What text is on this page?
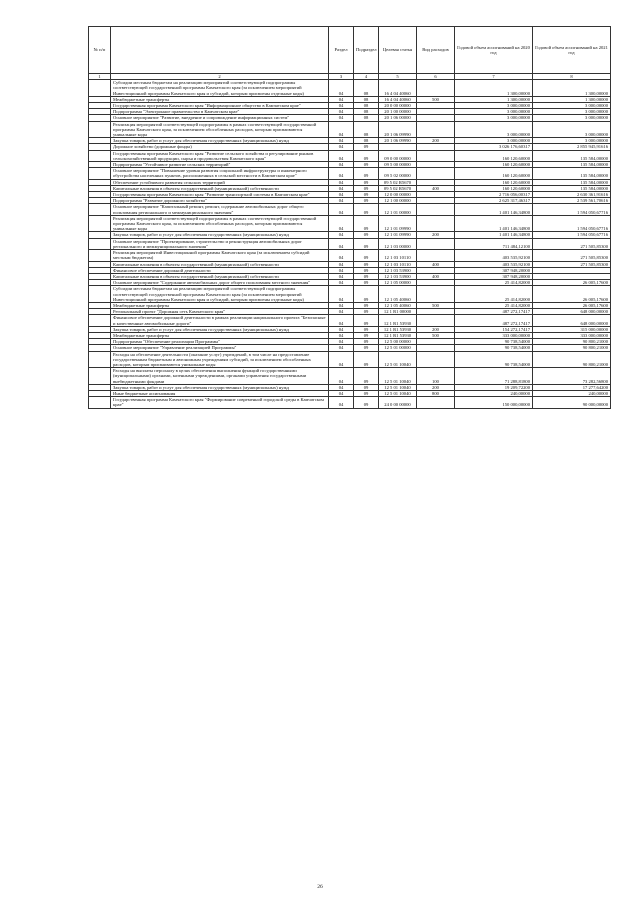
№ п/п		Раздел	Подраздел	Целевая статья	Вид расходов	Годовой объем ассигнований на 2020 год	Годовой объем ассигнований на 2021 год
1	2	3	4	5	6	7	8
	Субсидии местным бюджетам на реализацию мероприятий соответствующей подпрограммы соответствующей государственной программы Камчатского края (за исключением мероприятий Инвестиционной программы Камчатского края и субсидий, которым присвоены отдельные коды)	04	08	16 4 04 40060		1 300,00000	1 300,00000
	Межбюджетные трансферты	04	08	16 4 04 40060	500	1 300,00000	1 300,00000
	Государственная программа Камчатского края "Информационное общество в Камчатском крае"	04	08	20 0 00 00000		3 000,00000	3 000,00000
	Подпрограмма "Электронное правительство в Камчатском крае"	04	08	20 1 00 00000		3 000,00000	3 000,00000
	Основное мероприятие "Развитие, внедрение и сопровождение информационных систем"	04	08	20 1 06 00000		3 000,00000	3 000,00000
	Реализация мероприятий соответствующей подпрограммы в рамках соответствующей государственной программы Камчатского края, за исключением обособленных расходов, которым присваиваются уникальные коды	04	08	20 1 06 09990		3 000,00000	3 000,00000
	Закупка товаров, работ и услуг для обеспечения государственных (муниципальных) нужд	04	08	20 1 06 09990	200	3 000,00000	3 000,00000
	Дорожное хозяйство (дорожные фонды)	04	09			3 026 176,60317	2 855 945,91616
	Государственная программа Камчатского края "Развитие сельского хозяйства и регулирование рынков сельскохозяйственной продукции, сырья и продовольствия Камчатского края"	04	09	09 0 00 00000		160 120,60000	135 584,00000
	Подпрограмма "Устойчивое развитие сельских территорий"	04	09	09 5 00 00000		160 120,60000	135 584,00000
	Основное мероприятие "Повышение уровня развития социальной инфраструктуры и инженерного обустройства населенных пунктов, расположенных в сельской местности в Камчатском крае"	04	09	09 5 02 00000		160 120,60000	135 584,00000
	Обеспечение устойчивого развития сельских территорий	04	09	09 5 02 R5670		160 120,60000	135 584,00000
	Капитальные вложения в объекты государственной (муниципальной) собственности	04	09	09 5 02 R5670	400	160 120,60000	135 584,00000
	Государственная программа Камчатского края "Развитие транспортной системы в Камчатском крае"	04	09	12 0 00 00000		2 716 056,00317	2 630 361,91616
	Подпрограмма "Развитие дорожного хозяйства"	04	09	12 1 00 00000		2 625 317,46317	2 539 561,70616
	Основное мероприятие "Капитальный ремонт, ремонт, содержание автомобильных дорог общего пользования регионального и межмуниципального значения"	04	09	12 1 01 00000		1 401 146,34800	1 594 050,67716
	Реализация мероприятий соответствующей подпрограммы в рамках соответствующей государственной программы Камчатского края, за исключением обособленных расходов, которым присваиваются уникальные коды	04	09	12 1 01 09990		1 401 146,34800	1 594 050,67716
	Закупка товаров, работ и услуг для обеспечения государственных (муниципальных) нужд	04	09	12 1 01 09990	200	1 401 146,34800	1 594 050,67716
	Основное мероприятие "Проектирование, строительство и реконструкция автомобильных дорог регионального и межмуниципального значения"	04	09	12 1 03 00000		711 484,12100	271 505,85300
	Реализация мероприятий Инвестиционной программы Камчатского края (за исключением субсидий местным бюджетам)	04	09	12 1 03 10110		403 535,92100	271 505,85300
	Капитальные вложения в объекты государственной (муниципальной) собственности	04	09	12 1 03 10110	400	403 535,92100	271 505,85300
	Финансовое обеспечение дорожной деятельности	04	09	12 1 03 53900		307 948,20000	
	Капитальные вложения в объекты государственной (муниципальной) собственности	04	09	12 1 03 53900	400	307 948,20000	
	Основное мероприятие "Содержание автомобильных дорог общего пользования местного значения"	04	09	12 1 05 00000		25 414,82000	26 005,17600
	Субсидии местным бюджетам на реализацию мероприятий соответствующей подпрограммы соответствующей государственной программы Камчатского края (за исключением мероприятий Инвестиционной программы Камчатского края и субсидий, которым присвоены отдельные коды)	04	09	12 1 05 40060		25 414,82000	26 005,17600
	Межбюджетные трансферты	04	09	12 1 05 40060	500	25 414,82000	26 005,17600
	Региональный проект "Дорожная сеть Камчатского края"	04	09	12 1 R1 00000		487 272,17417	648 000,00000
	Финансовое обеспечение дорожной деятельности в рамках реализации национального проекта "Безопасные и качественные автомобильные дороги"	04	09	12 1 R1 53930		487 272,17417	648 000,00000
	Закупка товаров, работ и услуг для обеспечения государственных (муниципальных) нужд	04	09	12 1 R1 53930	200	154 272,17417	315 000,00000
	Межбюджетные трансферты	04	09	12 1 R1 53930	500	333 000,00000	333 000,00000
	Подпрограмма "Обеспечение реализации Программы"	04	09	12 5 00 00000		90 738,54000	90 800,21000
	Основное мероприятие "Управление реализацией Программы"	04	09	12 5 01 00000		90 738,54000	90 800,21000
	Расходы на обеспечение деятельности (оказание услуг) учреждений, в том числе на предоставление государственным бюджетным и автономным учреждениям субсидий, за исключением обособленных расходов, которым присваиваются уникальные коды	04	09	12 5 01 10040		90 738,54000	90 800,21000
	Расходы на выплаты персоналу в целях обеспечения выполнения функций государственными (муниципальными) органами, казенными учреждениями, органами управления государственными внебюджетными фондами	04	09	12 5 01 10040	100	71 288,81800	73 282,56800
	Закупка товаров, работ и услуг для обеспечения государственных (муниципальных) нужд	04	09	12 5 01 10040	200	19 209,72200	17 277,64200
	Иные бюджетные ассигнования	04	09	12 5 01 10040	800	240,00000	240,00000
	Государственная программа Камчатского края "Формирование современной городской среды в Камчатском крае"	04	09	24 0 00 00000		150 000,00000	90 000,00000
26
